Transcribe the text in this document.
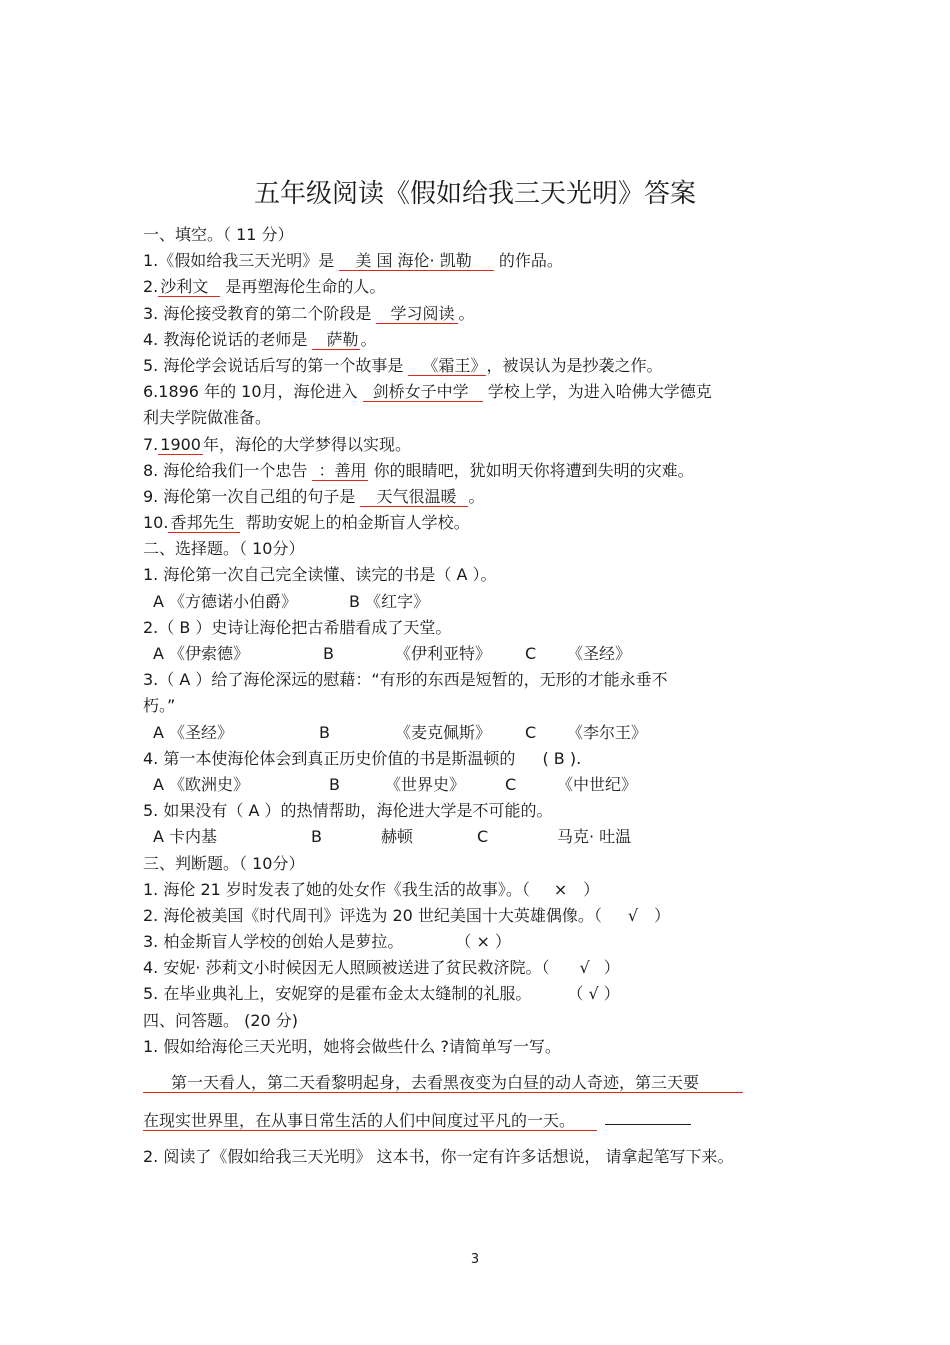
五年级阅读《假如给我三天光明》答案
一、填空。（ 11 分）
1.《假如给我三天光明》是 美 国 海伦· 凯勒 的作品。
2. 沙利文 是再塑海伦生命的人。
3. 海伦接受教育的第二个阶段是 学习阅读 。
4. 教海伦说话的老师是 萨勒 。
5. 海伦学会说话后写的第一个故事是 《霜王》 ，被误认为是抄袭之作。
6.1896 年的 10月，海伦进入 剑桥女子中学 学校上学，为进入哈佛大学德克
利夫学院做准备。
7. 1900 年，海伦的大学梦得以实现。
8. 海伦给我们一个忠告 ：善用 你的眼睛吧，犹如明天你将遭到失明的灾难。
9. 海伦第一次自己组的句子是 天气很温暖 。
10. 香邦先生 帮助安妮上的柏金斯盲人学校。
二、选择题。（ 10分）
1. 海伦第一次自己完全读懂、读完的书是（ A ）。
A 《方德诺小伯爵》	B 《红字》
2.（ B ）史诗让海伦把古希腊看成了天堂。
A 《伊索德》	B	《伊利亚特》 C 《圣经》
3.（ A ）给了海伦深远的慰藉：“有形的东西是短暂的，无形的才能永垂不
朽。”
A 《圣经》	B	《麦克佩斯》 C 《李尔王》
4. 第一本使海伦体会到真正历史价值的书是斯温顿的 ( B ).
A 《欧洲史》	B	《世界史》 C	《中世纪》
5. 如果没有（ A ）的热情帮助，海伦进大学是不可能的。
A 卡内基	B	赫顿	C	马克· 吐温
三、判断题。（ 10分）
1. 海伦 21 岁时发表了她的处女作《我生活的故事》。（ × ）
2. 海伦被美国《时代周刊》评选为 20 世纪美国十大英雄偶像。（ √ ）
3. 柏金斯盲人学校的创始人是萝拉。	（ × ）
4. 安妮· 莎莉文小时候因无人照顾被送进了贫民救济院。（ √ ）
5. 在毕业典礼上，安妮穿的是霍布金太太缝制的礼服。	（ √ ）
四、问答题。 (20 分)
1. 假如给海伦三天光明，她将会做些什么 ?请简单写一写。
第一天看人，第二天看黎明起身，去看黑夜变为白昼的动人奇迹，第三天要
在现实世界里，在从事日常生活的人们中间度过平凡的一天。
2. 阅读了《假如给我三天光明》 这本书，你一定有许多话想说， 请拿起笔写下来。
3
